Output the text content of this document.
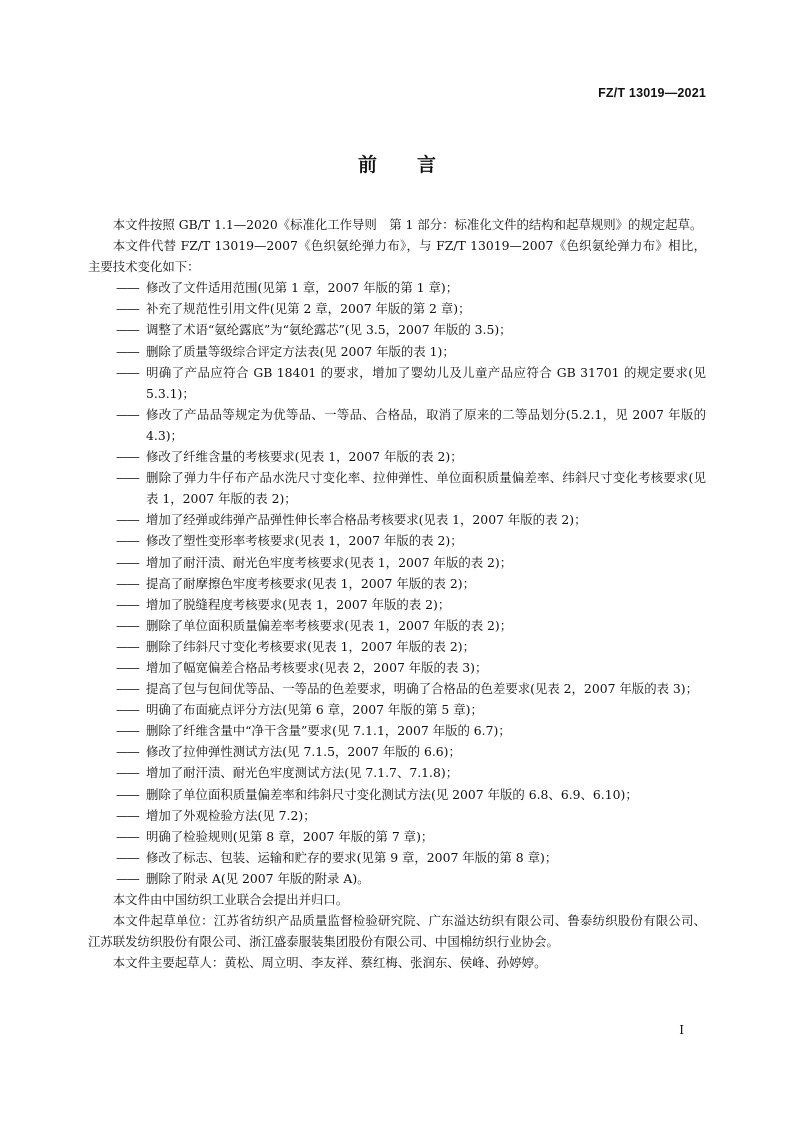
FZ/T 13019—2021
前 言

本文件按照 GB/T 1.1—2020《标准化工作导则　第 1 部分：标准化文件的结构和起草规则》的规定起草。

本文件代替 FZ/T 13019—2007《色织氨纶弹力布》，与 FZ/T 13019—2007《色织氨纶弹力布》相比，主要技术变化如下：

—— 修改了文件适用范围(见第 1 章，2007 年版的第 1 章)；

—— 补充了规范性引用文件(见第 2 章，2007 年版的第 2 章)；

—— 调整了术语“氨纶露底”为“氨纶露芯”(见 3.5，2007 年版的 3.5)；

—— 删除了质量等级综合评定方法表(见 2007 年版的表 1)；

—— 明确了产品应符合 GB 18401 的要求，增加了婴幼儿及儿童产品应符合 GB 31701 的规定要求(见 5.3.1)；

—— 修改了产品品等规定为优等品、一等品、合格品，取消了原来的二等品划分(5.2.1，见 2007 年版的 4.3)；

—— 修改了纤维含量的考核要求(见表 1，2007 年版的表 2)；

—— 删除了弹力牛仔布产品水洗尺寸变化率、拉伸弹性、单位面积质量偏差率、纬斜尺寸变化考核要求(见表 1，2007 年版的表 2)；

—— 增加了经弹或纬弹产品弹性伸长率合格品考核要求(见表 1，2007 年版的表 2)；

—— 修改了塑性变形率考核要求(见表 1，2007 年版的表 2)；

—— 增加了耐汗渍、耐光色牢度考核要求(见表 1，2007 年版的表 2)；

—— 提高了耐摩擦色牢度考核要求(见表 1，2007 年版的表 2)；

—— 增加了脱缝程度考核要求(见表 1，2007 年版的表 2)；

—— 删除了单位面积质量偏差率考核要求(见表 1，2007 年版的表 2)；

—— 删除了纬斜尺寸变化考核要求(见表 1，2007 年版的表 2)；

—— 增加了幅宽偏差合格品考核要求(见表 2，2007 年版的表 3)；

—— 提高了包与包间优等品、一等品的色差要求，明确了合格品的色差要求(见表 2，2007 年版的表 3)；

—— 明确了布面疵点评分方法(见第 6 章，2007 年版的第 5 章)；

—— 删除了纤维含量中“净干含量”要求(见 7.1.1，2007 年版的 6.7)；

—— 修改了拉伸弹性测试方法(见 7.1.5，2007 年版的 6.6)；

—— 增加了耐汗渍、耐光色牢度测试方法(见 7.1.7、7.1.8)；

—— 删除了单位面积质量偏差率和纬斜尺寸变化测试方法(见 2007 年版的 6.8、6.9、6.10)；

—— 增加了外观检验方法(见 7.2)；

—— 明确了检验规则(见第 8 章，2007 年版的第 7 章)；

—— 修改了标志、包装、运输和贮存的要求(见第 9 章，2007 年版的第 8 章)；

—— 删除了附录 A(见 2007 年版的附录 A)。

本文件由中国纺织工业联合会提出并归口。

本文件起草单位：江苏省纺织产品质量监督检验研究院、广东溢达纺织有限公司、鲁泰纺织股份有限公司、江苏联发纺织股份有限公司、浙江盛泰服装集团股份有限公司、中国棉纺织行业协会。

本文件主要起草人：黄松、周立明、李友祥、蔡红梅、张润东、侯峰、孙婷婷。

I
